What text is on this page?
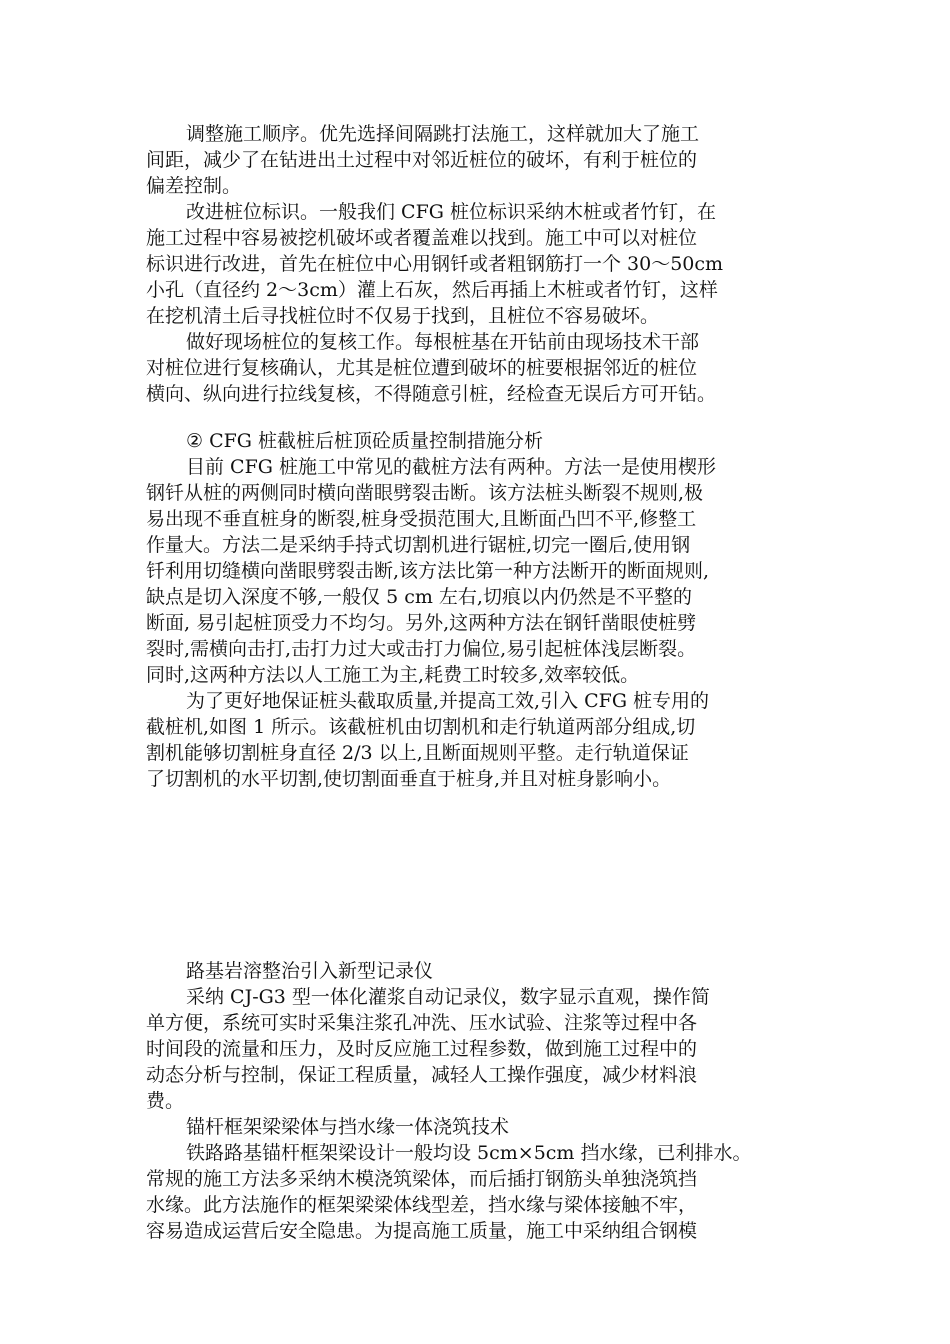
调整施工顺序。优先选择间隔跳打法施工，这样就加大了施工
间距，减少了在钻进出土过程中对邻近桩位的破坏，有利于桩位的
偏差控制。
改进桩位标识。一般我们 CFG 桩位标识采纳木桩或者竹钉，在
施工过程中容易被挖机破坏或者覆盖难以找到。施工中可以对桩位
标识进行改进，首先在桩位中心用钢钎或者粗钢筋打一个 30～50cm
小孔（直径约 2～3cm）灌上石灰，然后再插上木桩或者竹钉，这样
在挖机清土后寻找桩位时不仅易于找到，且桩位不容易破坏。
做好现场桩位的复核工作。每根桩基在开钻前由现场技术干部
对桩位进行复核确认，尤其是桩位遭到破坏的桩要根据邻近的桩位
横向、纵向进行拉线复核，不得随意引桩，经检查无误后方可开钻。
② CFG 桩截桩后桩顶砼质量控制措施分析
目前 CFG 桩施工中常见的截桩方法有两种。方法一是使用楔形
钢钎从桩的两侧同时横向凿眼劈裂击断。该方法桩头断裂不规则,极
易出现不垂直桩身的断裂,桩身受损范围大,且断面凸凹不平,修整工
作量大。方法二是采纳手持式切割机进行锯桩,切完一圈后,使用钢
钎利用切缝横向凿眼劈裂击断,该方法比第一种方法断开的断面规则,
缺点是切入深度不够,一般仅 5 cm 左右,切痕以内仍然是不平整的
断面, 易引起桩顶受力不均匀。另外,这两种方法在钢钎凿眼使桩劈
裂时,需横向击打,击打力过大或击打力偏位,易引起桩体浅层断裂。
同时,这两种方法以人工施工为主,耗费工时较多,效率较低。
为了更好地保证桩头截取质量,并提高工效,引入 CFG 桩专用的
截桩机,如图 1 所示。该截桩机由切割机和走行轨道两部分组成,切
割机能够切割桩身直径 2/3 以上,且断面规则平整。走行轨道保证
了切割机的水平切割,使切割面垂直于桩身,并且对桩身影响小。
路基岩溶整治引入新型记录仪
采纳 CJ-G3 型一体化灌浆自动记录仪，数字显示直观，操作简
单方便，系统可实时采集注浆孔冲洗、压水试验、注浆等过程中各
时间段的流量和压力，及时反应施工过程参数，做到施工过程中的
动态分析与控制，保证工程质量，减轻人工操作强度，减少材料浪
费。
锚杆框架梁梁体与挡水缘一体浇筑技术
铁路路基锚杆框架梁设计一般均设 5cm×5cm 挡水缘，已利排水。
常规的施工方法多采纳木模浇筑梁体，而后插打钢筋头单独浇筑挡
水缘。此方法施作的框架梁梁体线型差，挡水缘与梁体接触不牢，
容易造成运营后安全隐患。为提高施工质量，施工中采纳组合钢模
